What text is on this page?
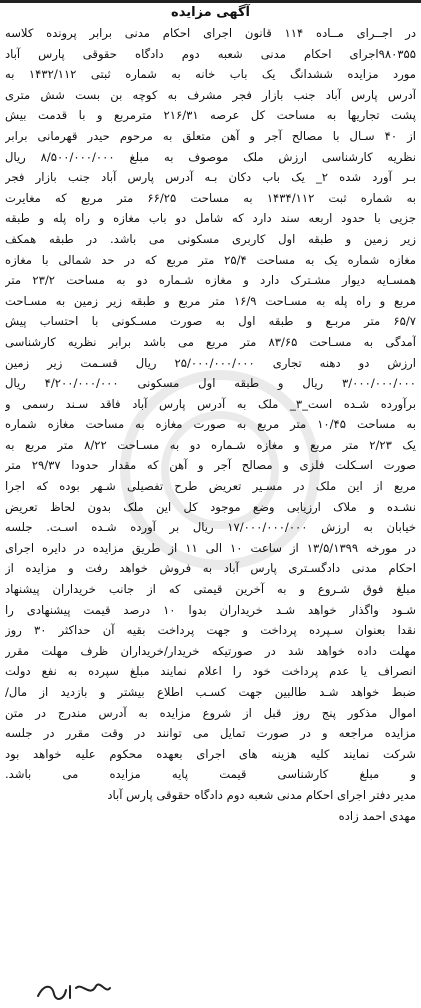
آگهی مزایده
در اجــرای مــاده ۱۱۴ قانون اجرای احکام مدنی برابر پرونده کلاسه
۹۸۰۳۵۵اجرای احکام مدنی شعبه دوم دادگاه حقوقی پارس آباد
مورد مزایده ششدانگ یک باب خانه به شماره ثبتی ۱۴۳۲/۱۱۲ به
آدرس پارس آباد جنب بازار فجر مشرف به کوچه بن بست شش متری
پشت تجاریها به مساحت کل عرصه ۲۱۶/۳۱ مترمربع و با قدمت بیش
از ۴۰ سـال با مصالح آجر و آهن متعلق به مرحوم حیدر قهرمانی برابر
نظریه کارشناسی ارزش ملک موصوف به مبلغ ۸/۵۰۰/۰۰۰/۰۰۰ ریال
بـر آورد شده ۲_ یک باب دکان بـه آدرس پارس آباد جنب بازار فجر
به شماره ثبت ۱۴۳۴/۱۱۲ به مساحت ۶۶/۲۵ متر مربع که مغایرت
جزیی با حدود اربعه سند دارد که شامل دو باب مغازه و راه پله و طبقه
زیر زمین و طبقه اول کاربری مسکونی می باشد. در طبقه همکف
مغازه شماره یک به مساحت ۲۵/۴ متر مربع که در حد شمالی با مغازه
همسـایه دیوار مشـترک دارد و مغازه شـماره دو به مساحت ۲۳/۲ متر
مربع و راه پله به مسـاحت ۱۶/۹ متر مربع و طبقه زیر زمین به مسـاحت
۶۵/۷ متر مربـع و طبقه اول به صورت مسـکونی با احتساب پیش
آمدگی به مسـاحت ۸۳/۶۵ متر مربع می باشد برابر نظریه کارشناسی
ارزش دو دهنه تجاری ۲۵/۰۰۰/۰۰۰/۰۰۰ ریال قسـمت زیر زمین
۳/۰۰۰/۰۰۰/۰۰۰ ریال و طبقه اول مسکونی ۴/۲۰۰/۰۰۰/۰۰۰ ریال
برآورده شـده است_۳_ ملک به آدرس پارس آباد فاقد سـند رسمی و
به مساحت ۱۰/۴۵ متر مربع به صورت مغازه به مساحت مغازه شماره
یک ۲/۲۳ متر مربع و مغازه شـماره دو به مسـاحت ۸/۲۲ متر مربع به
صورت اسـکلت فلزی و مصالح آجر و آهن که مقدار حدودا ۲۹/۳۷ متر
مربع از این ملک در مسـیر تعریض طرح تفصیلی شـهر بوده که اجرا
نشـده و ملاک ارزیابی وضع موجود کل این ملک بدون لحاظ تعریض
خیابان به ارزش ۱۷/۰۰۰/۰۰۰/۰۰۰ ریال بر آورده شـده اسـت. جلسه
در مورخه ۱۳/۵/۱۳۹۹ از ساعت ۱۰ الی ۱۱ از طریق مزایده در دایره اجرای
احکام مدنی دادگسـتری پارس آباد به فروش خواهد رفت و مزایده از
مبلغ فوق شـروع و به آخرین قیمتی که از جانب خریداران پیشنهاد
شـود واگذار خواهد شـد خریداران بدوا ۱۰ درصد قیمت پیشنهادی را
نقدا بعنوان سـپرده پرداخت و جهت پرداخت بقیه آن حداکثر ۳۰ روز
مهلت داده خواهد شد در صورتیکه خریدار/خریداران ظرف مهلت مقرر
انصراف یا عدم پرداخت خود را اعلام نمایند مبلغ سپرده به نفع دولت
ضبط خواهد شـد طالبین جهت کسـب اطلاع بیشتر و بازدید از مال/
اموال مذکور پنج روز قبل از شروع مزایده به آدرس مندرج در متن
مزایده مراجعه و در صورت تمایل می توانند در وقت مقرر در جلسه
شرکت نمایند کلیه هزینه های اجرای بعهده محکوم علیه خواهد بود
و مبلغ کارشناسی قیمت پایه مزایده می باشد.
مدیر دفتر اجرای احکام مدنی شعبه دوم دادگاه حقوقی پارس آباد
مهدی احمد زاده
